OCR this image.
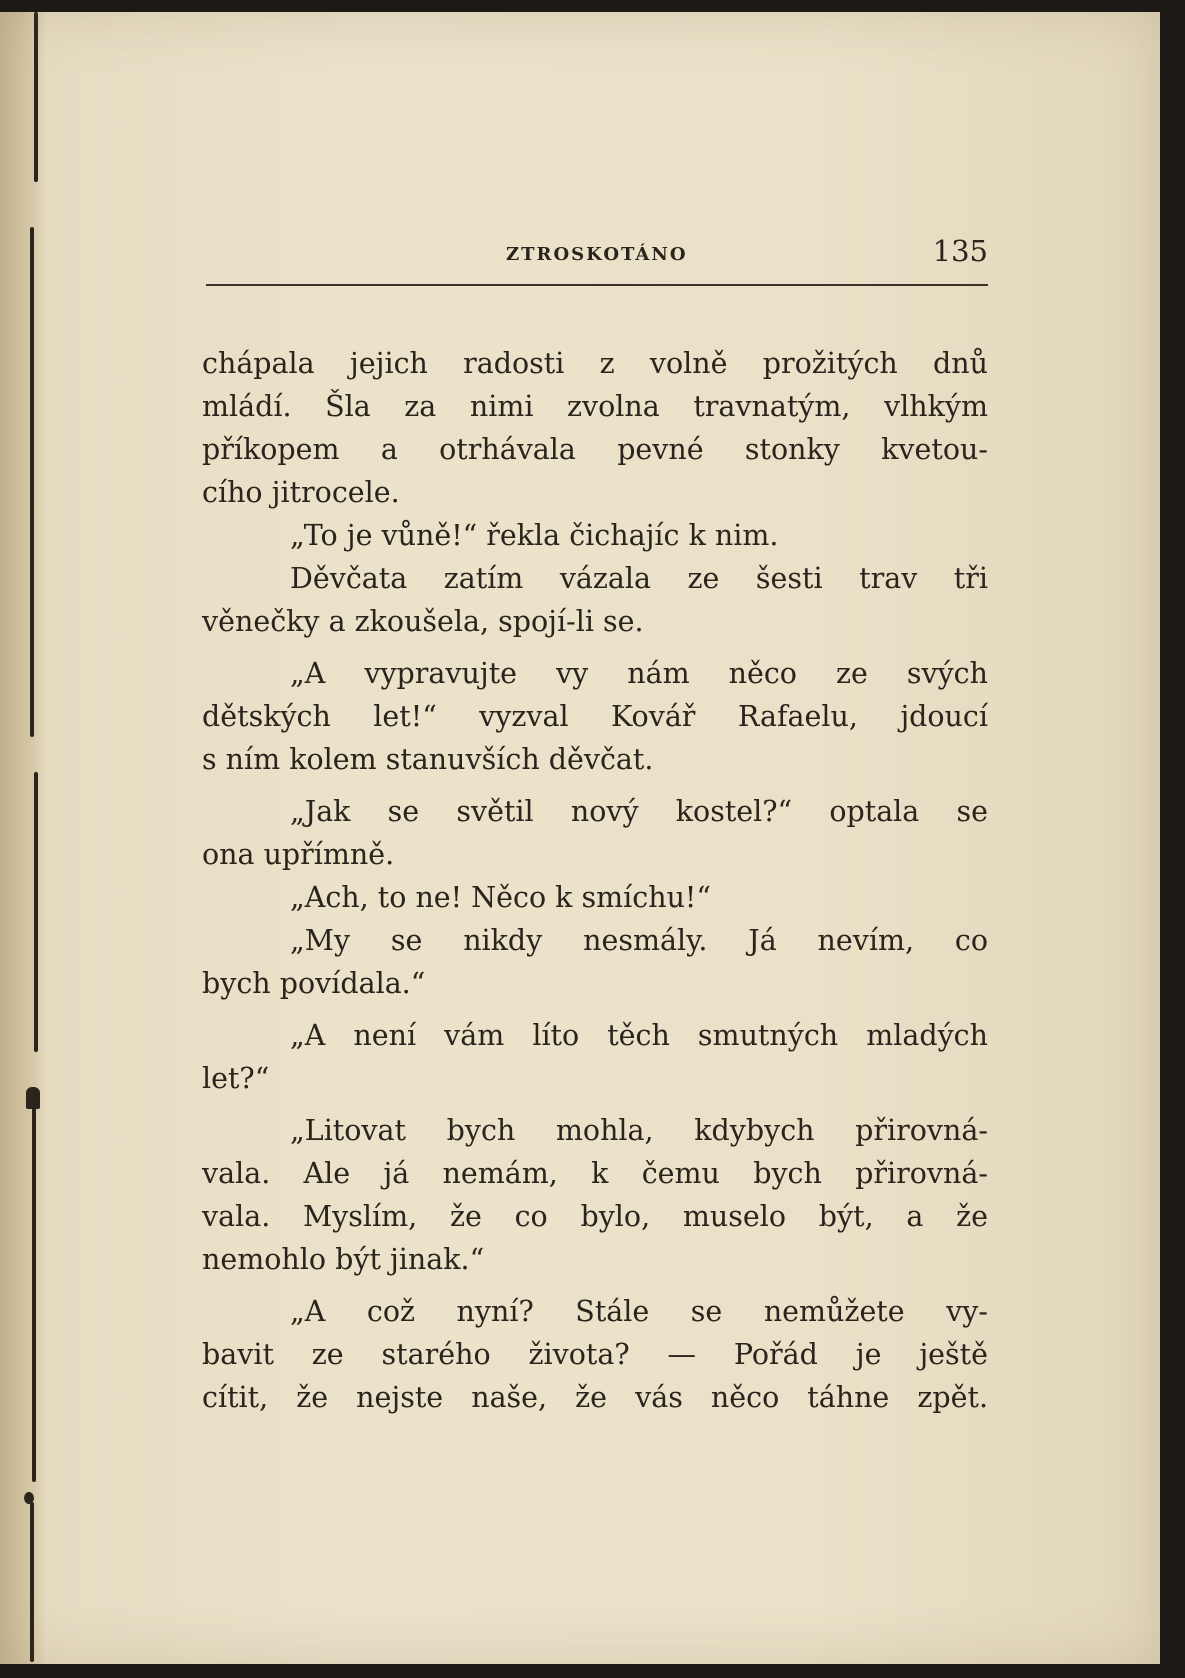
ZTROSKOTÁNO	135
chápala jejich radosti z volně prožitých dnů
mládí. Šla za nimi zvolna travnatým, vlhkým
příkopem a otrhávala pevné stonky kvetou-
cího jitrocele.
„To je vůně!“ řekla čichajíc k nim.
Děvčata zatím vázala ze šesti trav tři
věnečky a zkoušela, spojí-li se.
„A vypravujte vy nám něco ze svých
dětských let!“ vyzval Kovář Rafaelu, jdoucí
s ním kolem stanuvších děvčat.
„Jak se světil nový kostel?“ optala se
ona upřímně.
„Ach, to ne! Něco k smíchu!“
„My se nikdy nesmály. Já nevím, co
bych povídala.“
„A není vám líto těch smutných mladých
let?“
„Litovat bych mohla, kdybych přirovná-
vala. Ale já nemám, k čemu bych přirovná-
vala. Myslím, že co bylo, muselo být, a že
nemohlo být jinak.“
„A což nyní? Stále se nemůžete vy-
bavit ze starého života? — Pořád je ještě
cítit, že nejste naše, že vás něco táhne zpět.
